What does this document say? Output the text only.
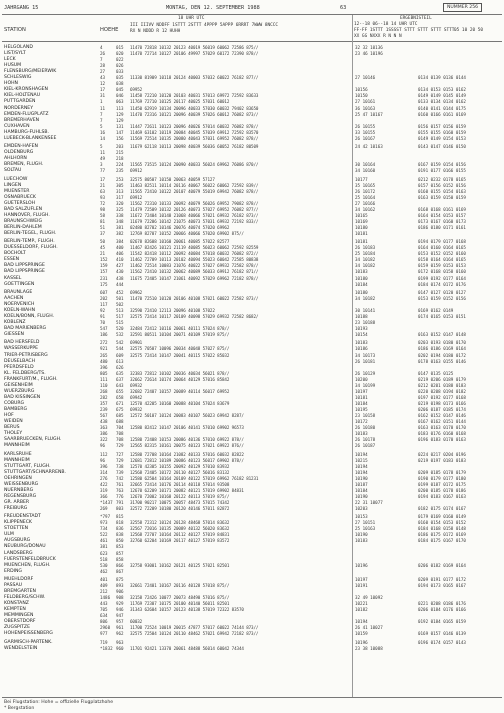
JAHRGANG 15	MONTAG, DEN 12. SEPTEMBER 1988	63	NUMMER 256
18 UHR UTC	ERGEBNISTEIL
12--18 06--18 14 UHR UTC
STATION	HOEHE
III IIIVV NDDFF 1STTT 2STTT 4PPPP 5APPP 6RRRT 7WWW 8NCCC
RX N NDDD R 12 HUHH	FF-FF 1STTT 1SSSST STTT STTT STTT STTT
XX GG NXXX R N N N
05 10 20 50
HELGOLAND	4	015 11470 72818 10132 20123 40019 56019 60062 72586 875//	32 32 10136
LIST/SYLT	26	020 11470 72714 10127 20106 49997 57029 60172 72390 878//	23 46 10196
LECK	7	022
HUSUM	28	026
FLENSBURG/MEIERWIK	27	033
SCHLESWIG	43	035 11330 81909 10118 20124 40003 57032 60022 76182 877//	27 10146	0134 0139 0136 0144
HOHN	12	038
KIEL-KRONSHAGEN	17	045 69952	10156	0134 0153 0153 0162
KIEL-HOLTENAU	31	046 11458 72210 10120 20103 40031 57013 69972 72592 83633	10150	0149 0149 0145 0149
PUTTGARDEN	1	063 11769 72710 10125 20117 40025 57031 60012	27 10161	0133 0134 0134 0162
NORDERNEY	11	113 11450 62919 10134 20096 40033 57030 60032 79402 83650	36 10163	0140 0141 0144 0175
EMDEN-FLUGPLATZ	7	129 11470 72316 10121 20096 40039 57026 60012 76082 873//	25 47 10167	0160 0166 0161 0169
BREMERHAVEN	7	129
CUXHAVEN	5	131 11447 72611 10123 20096 40026 57014 60032 76082 878//	26 10155	0156 0157 0156 0159
HAMBURG-FUHLSB.	16	147 11469 63102 10119 20084 40045 57039 69912 72592 83570	33 10155	0155 0155 0160 0159
LUEBECK-BLANKENSEE	14	156 11569 72514 10135 20080 40043 57031 69952 76082 878//	26 10167	0149 0149 0154 0153
EMDEN-HAFEN	5	203 11679 62118 10113 20098 40039 56036 60052 76182 80509	24 42 10163	0143 0147 0146 0150
OLDENBURG	11	215
AHLHORN	49	218
BREMEN, FLUGH.	3	224 11565 73515 10124 20090 40033 56024 69962 76086 870//	30 10164	0167 0159 0154 0156
SOLTAU	77	235 69912	34 10160	0191 0177 0166 0155
LUECHOW	17	253 32575 80507 10150 20063 40059 57127	10177	0212 0232 0178 0165
LINGEN	21	305 11463 82511 10114 20116 40067 56022 60062 72592 839//	35 10165	0157 0156 0152 0156
MUENSTER	63	313 11565 72410 10122 20107 40079 55019 69942 76082 878//	26 10172	0160 0155 0154 0163
OSNABRUECK	93	317 69912	25 10164	0163 0159 0150 0159
GUETERSLOH	72	320 11562 72310 10133 20092 40079 56026 69952 79082 878//	27 10166
BAD SALZUFLEN	98	325 11479 72509 10132 20126 40073 57027 69952 76082 877//	34 10162	0168 0168 0161 0169
HANNOVER, FLUGH.	58	338 11672 72404 10148 21068 40066 57021 69932 76182 873//	10165	0164 0154 0153 0157
BRAUNSCHWEIG	81	348 11679 72206 10142 21075 40073 57031 69932 72192 833//	10169	0173 0167 0160 0173
BERLIN-DAHLEM	51	381 02480 82702 10146 20076 40074 57020 69962	10180	0186 0180 0171 0161
BERLIN-TEGEL, FLUGH.	37	382 12769 82707 10152 20066 40066 57020 69902 875//	10181
BERLIN-TEMP., FLUGH.	50	384 02678 82608 10160 20061 40085 57022 82577	10181	0194 0179 0177 0168
DUESSELDORF, FLUGH.	45	400 11467 82426 10121 21119 40085 56023 60062 72592 82559	26 10183	0164 0160 0164 0165
BOCHOLT	21	406 11542 82418 10112 20092 40084 57018 60032 76082 872//	25 10184	0153 0152 0152 0160
ESSEN	152 410 11462 72709 10113 20102 40094 55023 60042 72585 80838	34 10182	0158 0164 0164 0165
BAD LIPPSPRINGE	159 427 11462 72514 10083 21076 40022 57027 69932 72582 878//	34 10182	0159 0159 0153 0153
BAD LIPPSPRINGE	157 430 11562 72410 10132 20062 40089 56033 69912 76182 871//	10183	0172 0168 0158 0160
KASSEL	231 438 11675 72405 10147 21061 40092 57029 69962 72182 878//	10180	0199 0192 0177 0164
GOETTINGEN	175 444	10184	0184 0174 0172 0176
BRAUNLAGE	607 452 69962	10180	0147 0127 0120 0127
AACHEN	202 501 11470 72510 10120 20106 40108 57021 60022 72582 873//	34 10182	0153 0159 0152 0156
NOERVENICH	117 502
KOELN-WAHN	92	513 32590 72410 12113 20096 40108 57022	30 10141	0169 0162 0149
KOELN/BONN, FLUGH.	91	517 32575 72414 10117 20109 40098 57029 69932 72582 8682/	10188	0174 0165 0153 0151
KOBLENZ	70	515	23 10188
BAD MARIENBERG	547 520 32484 72412 10116 20061 40111 57024 878//	10193
GIESSEN	186 532 32591 80511 10104 20071 40109 57019 875//	10154	0163 0152 0147 0148
BAD HERSFELD	272 542 69901	10183	0203 0193 0180 0170
WASSERKUPPE	921 544 32575 70507 10096 20034 40048 57027 875//	10186	0186 0186 0169 0164
TRIER-PETRISBERG	265 609 32575 72414 10147 20041 40115 57022 85032	34 10173	0202 0194 0180 0172
DEUSELBACH	480 613	26 10181	0178 0163 0155 0146
PFERDSFELD	396 626
KL. FELDBERG/TS.	805 635 32383 72812 10102 20036 40034 56021 878//	26 10129	0147 0135 0125
FRANKFURT/M., FLUGH.	111 637 32662 72614 10174 20064 40129 57016 85842	10200	0219 0206 0189 0179
GEISENHEIM	110 643 69932	34 10199	0212 0201 0188 0183
WUERZBURG	268 655 32682 72407 10157 20089 40114 56017 69952	10197	0220 0208 0194 0182
BAD KISSINGEN	282 658 69942	10181	0197 0192 0177 0168
COBURG	357 671 12570 42205 10160 20088 40104 57024 83679	10184	0219 0198 0173 0166
BAMBERG	239 675 69932	10195	0206 0187 0185 0174
HOF	567 685 12572 50107 10124 20083 40107 56023 69942 8287/	23 10158	0162 0152 0147 0146
WEIDEN	438 688	10172	0167 0162 0151 0144
BERUS	363 704 12580 82412 10147 20106 40141 57010 69902 96573	26 10180	0163 0163 0170 0170
THOLEY	386 708	10183	0183 0176 0160 0168
SAARBRUECKEN, FLUGH.	322 708 12580 72408 10153 20086 40136 57010 69922 878//	26 10178	0196 0183 0170 0163
MANNHEIM	96	729 12565 82315 10161 20075 40123 57021 69922 876//	26 10187
KARLSRUHE	112 727 12580 72708 10164 21082 40133 57016 60032 82822	10194	0224 0217 0204 0196
MANNHEIM	96	729 12681 72812 10189 20086 40123 56017 69902 878//	10215	0219 0197 0183 0183
STUTTGART, FLUGH.	396 738 12570 42305 10155 20092 40129 57010 83932	10194
STUTTGART/SCHNARRENB.	314 739 12568 72405 10172 20110 40127 56016 83132	10194	0209 0185 0178 0179
OEHRINGEN	276 742 12580 62504 10164 20109 40122 57019 69962 76182 81231	10190	0190 0179 0177 0180
WEISSENBURG	422 761 32665 72414 10176 20114 40118 57014 93508	10187	0199 0187 0172 0175
NUERNBERG	319 763 12670 62209 10171 20082 40121 57019 69902 84831	10184	0200 0185 0178 0186
REGENSBURG	366 776 12670 72002 10168 20122 40113 57019 875//	10190	0194 0183 0167 0163
GR. ARBER	*1437 791 31700 90217 10075 20057 48473 57015 74342	22 31 10077
FREIBURG	269 803 32572 72209 10180 20120 40146 57011 82872	10203	0182 0175 0174 0167
FREUDENSTADT	*797 815	10153	0179 0169 0160 0149
KLIPPENECK	973 818 32558 72312 10124 20128 48468 57014 83632	27 10151	0160 0154 0153 0152
STOETTEN	734 836 32567 72016 10135 20089 40132 56020 83632	25 10163	0184 0168 0158 0148
ULM	522 838 12568 72707 10164 20112 40127 57019 84831	10190	0186 0175 0172 0169
AUGSBURG	461 850 32760 62204 10169 20117 40127 57019 83572	10183	0184 0175 0167 0170
NEUBURG/DONAU	381 853
LANDSBERG	623 857
FUERSTENFELDBRUCK	518 858
MUENCHEN, FLUGH.	530 866 32758 93001 10162 20121 40125 57021 82501	10196	0206 0182 0169 0164
ERDING	462 867
MUEHLDORF	401 875	10197	0209 0191 0177 0172
PASSAU	409 893 32661 72401 10167 20116 40128 57018 875//	10191	0194 0173 0165 0167
BREMGARTEN	212 906
FELDBERG/SCHW.	1486 908 32158 72426 10077 20073 48490 57016 875//	32 49 10092
KONSTANZ	443 929 11769 72307 10175 20100 40140 56011 82501	10221	0221 0208 0186 0176
KEMPTEN	705 946 31343 62604 10157 20123 40138 57019 72322 83570	10182	0206 0184 0176 0166
MEMMINGEN	634 947
OBERSTDORF	806 957 60032	10194	0192 0184 0165 0159
ZUGSPITZE	2960 961 11700 72524 10019 20015 47877 57017 60022 74144 873//	26 41 10027
HOHENPEISSENBERG	977 962 32575 72504 10124 20110 48462 57021 69942 72182 873//	10159	0169 0157 0146 0139
GARMISCH-PARTENK.	719 963	10196	0196 0174 0157 0143
WENDELSTEIN	*1832 960 11701 92421 13370 20061 48488 56014 60042 74344	23 38 10088
Bei Flugstation: Hohe = offizielle Flugplatzhohe
* Bergstation
